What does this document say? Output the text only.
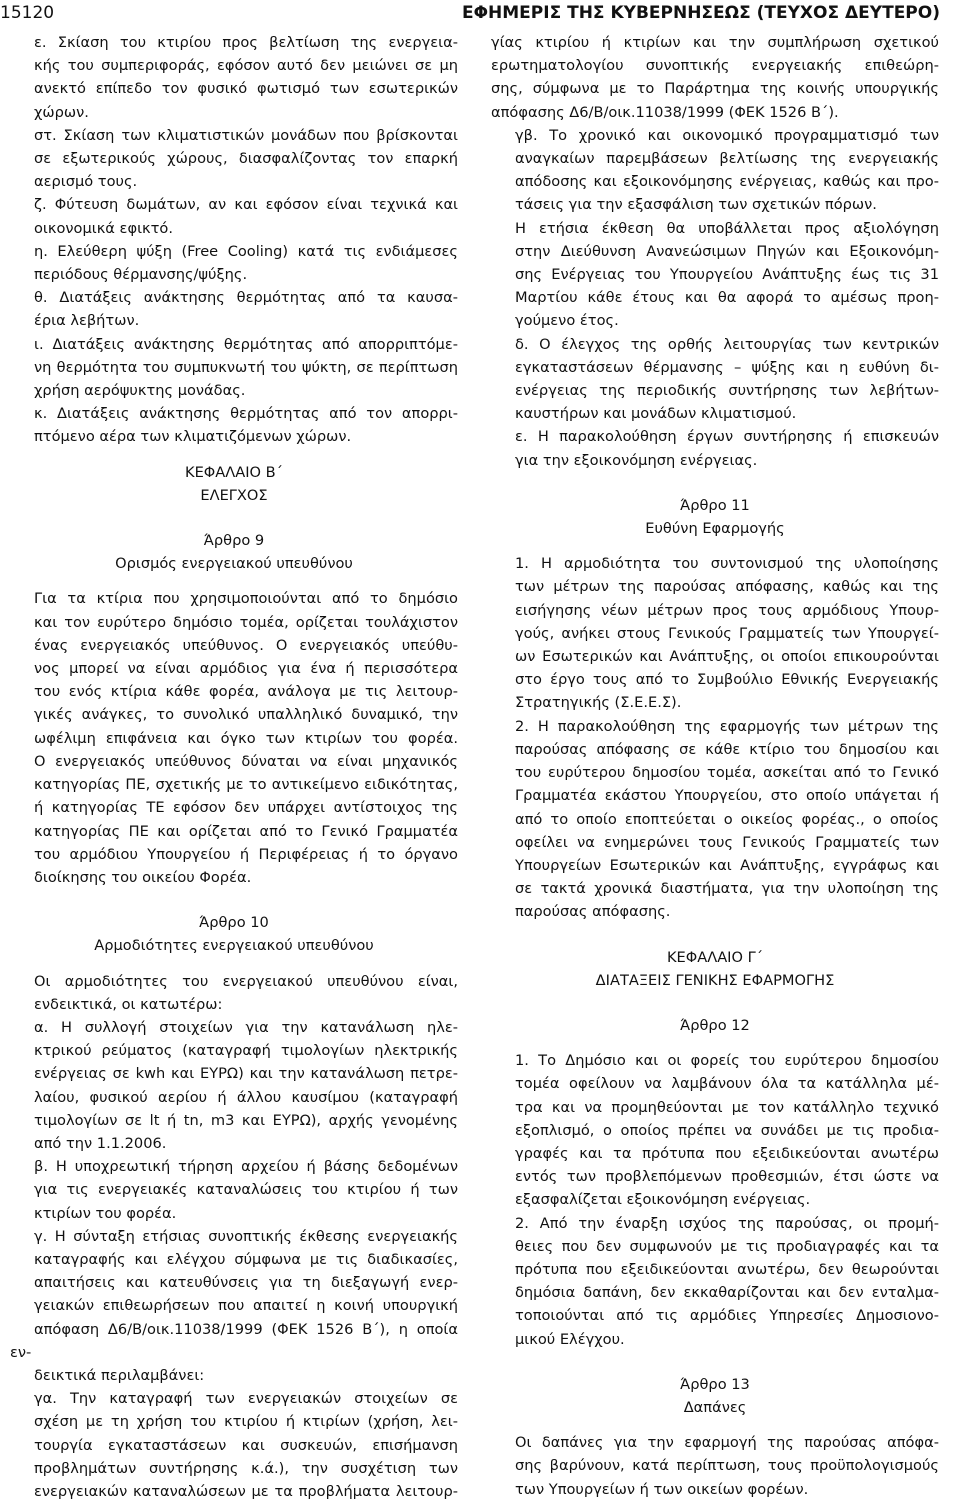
15120	ΕΦΗΜΕΡΙΣ ΤΗΣ ΚΥΒΕΡΝΗΣΕΩΣ (ΤΕΥΧΟΣ ΔΕΥΤΕΡΟ)

ε. Σκίαση του κτιρίου προς βελτίωση της ενεργεια-
κής του συμπεριφοράς, εφόσον αυτό δεν μειώνει σε μη
ανεκτό επίπεδο τον φυσικό φωτισμό των εσωτερικών
χώρων.

στ. Σκίαση των κλιματιστικών μονάδων που βρίσκονται
σε εξωτερικούς χώρους, διασφαλίζοντας τον επαρκή
αερισμό τους.

ζ. Φύτευση δωμάτων, αν και εφόσον είναι τεχνικά και
οικονομικά εφικτό.

η. Ελεύθερη ψύξη (Free Cooling) κατά τις ενδιάμεσες
περιόδους θέρμανσης/ψύξης.

θ. Διατάξεις ανάκτησης θερμότητας από τα καυσα-
έρια λεβήτων.

ι. Διατάξεις ανάκτησης θερμότητας από απορριπτόμε-
νη θερμότητα του συμπυκνωτή του ψύκτη, σε περίπτωση
χρήση αερόψυκτης μονάδας.

κ. Διατάξεις ανάκτησης θερμότητας από τον απορρι-
πτόμενο αέρα των κλιματιζόμενων χώρων.

ΚΕΦΑΛΑΙΟ Β΄

ΕΛΕΓΧΟΣ

Άρθρο 9

Ορισμός ενεργειακού υπευθύνου

Για τα κτίρια που χρησιμοποιούνται από το δημόσιο
και τον ευρύτερο δημόσιο τομέα, ορίζεται τουλάχιστον
ένας ενεργειακός υπεύθυνος. Ο ενεργειακός υπεύθυ-
νος μπορεί να είναι αρμόδιος για ένα ή περισσότερα
του ενός κτίρια κάθε φορέα, ανάλογα με τις λειτουρ-
γικές ανάγκες, το συνολικό υπαλληλικό δυναμικό, την
ωφέλιμη επιφάνεια και όγκο των κτιρίων του φορέα.
Ο ενεργειακός υπεύθυνος δύναται να είναι μηχανικός
κατηγορίας ΠΕ, σχετικής με το αντικείμενο ειδικότητας,
ή κατηγορίας ΤΕ εφόσον δεν υπάρχει αντίστοιχος της
κατηγορίας ΠΕ και ορίζεται από το Γενικό Γραμματέα
του αρμόδιου Υπουργείου ή Περιφέρειας ή το όργανο
διοίκησης του οικείου Φορέα.

Άρθρο 10

Αρμοδιότητες ενεργειακού υπευθύνου

Οι αρμοδιότητες του ενεργειακού υπευθύνου είναι,
ενδεικτικά, οι κατωτέρω:

α. Η συλλογή στοιχείων για την κατανάλωση ηλε-
κτρικού ρεύματος (καταγραφή τιμολογίων ηλεκτρικής
ενέργειας σε kwh και ΕΥΡΩ) και την κατανάλωση πετρε-
λαίου, φυσικού αερίου ή άλλου καυσίμου (καταγραφή
τιμολογίων σε lt ή tn, m3 και ΕΥΡΩ), αρχής γενομένης
από την 1.1.2006.

β. Η υποχρεωτική τήρηση αρχείου ή βάσης δεδομένων
για τις ενεργειακές καταναλώσεις του κτιρίου ή των
κτιρίων του φορέα.

γ. Η σύνταξη ετήσιας συνοπτικής έκθεσης ενεργειακής
καταγραφής και ελέγχου σύμφωνα με τις διαδικασίες,
απαιτήσεις και κατευθύνσεις για τη διεξαγωγή ενερ-
γειακών επιθεωρήσεων που απαιτεί η κοινή υπουργική
απόφαση Δ6/Β/οικ.11038/1999 (ΦΕΚ 1526 Β΄), η οποία εν-
δεικτικά περιλαμβάνει:

γα. Την καταγραφή των ενεργειακών στοιχείων σε
σχέση με τη χρήση του κτιρίου ή κτιρίων (χρήση, λει-
τουργία εγκαταστάσεων και συσκευών, επισήμανση
προβλημάτων συντήρησης κ.ά.), την συσχέτιση των
ενεργειακών καταναλώσεων με τα προβλήματα λειτουρ-

γίας κτιρίου ή κτιρίων και την συμπλήρωση σχετικού
ερωτηματολογίου συνοπτικής ενεργειακής επιθεώρη-
σης, σύμφωνα με το Παράρτημα της κοινής υπουργικής
απόφασης Δ6/Β/οικ.11038/1999 (ΦΕΚ 1526 Β΄).

γβ. Το χρονικό και οικονομικό προγραμματισμό των
αναγκαίων παρεμβάσεων βελτίωσης της ενεργειακής
απόδοσης και εξοικονόμησης ενέργειας, καθώς και προ-
τάσεις για την εξασφάλιση των σχετικών πόρων.

Η ετήσια έκθεση θα υποβάλλεται προς αξιολόγηση
στην Διεύθυνση Ανανεώσιμων Πηγών και Εξοικονόμη-
σης Ενέργειας του Υπουργείου Ανάπτυξης έως τις 31
Μαρτίου κάθε έτους και θα αφορά το αμέσως προη-
γούμενο έτος.

δ. Ο έλεγχος της ορθής λειτουργίας των κεντρικών
εγκαταστάσεων θέρμανσης – ψύξης και η ευθύνη δι-
ενέργειας της περιοδικής συντήρησης των λεβήτων-
καυστήρων και μονάδων κλιματισμού.

ε. Η παρακολούθηση έργων συντήρησης ή επισκευών
για την εξοικονόμηση ενέργειας.

Άρθρο 11

Ευθύνη Εφαρμογής

1. Η αρμοδιότητα του συντονισμού της υλοποίησης
των μέτρων της παρούσας απόφασης, καθώς και της
εισήγησης νέων μέτρων προς τους αρμόδιους Υπουρ-
γούς, ανήκει στους Γενικούς Γραμματείς των Υπουργεί-
ων Εσωτερικών και Ανάπτυξης, οι οποίοι επικουρούνται
στο έργο τους από το Συμβούλιο Εθνικής Ενεργειακής
Στρατηγικής (Σ.Ε.Ε.Σ).

2. Η παρακολούθηση της εφαρμογής των μέτρων της
παρούσας απόφασης σε κάθε κτίριο του δημοσίου και
του ευρύτερου δημοσίου τομέα, ασκείται από το Γενικό
Γραμματέα εκάστου Υπουργείου, στο οποίο υπάγεται ή
από το οποίο εποπτεύεται ο οικείος φορέας., ο οποίος
οφείλει να ενημερώνει τους Γενικούς Γραμματείς των
Υπουργείων Εσωτερικών και Ανάπτυξης, εγγράφως και
σε τακτά χρονικά διαστήματα, για την υλοποίηση της
παρούσας απόφασης.

ΚΕΦΑΛΑΙΟ Γ΄

ΔΙΑΤΑΞΕΙΣ ΓΕΝΙΚΗΣ ΕΦΑΡΜΟΓΗΣ

Άρθρο 12

1. Το Δημόσιο και οι φορείς του ευρύτερου δημοσίου
τομέα οφείλουν να λαμβάνουν όλα τα κατάλληλα μέ-
τρα και να προμηθεύονται με τον κατάλληλο τεχνικό
εξοπλισμό, ο οποίος πρέπει να συνάδει με τις προδια-
γραφές και τα πρότυπα που εξειδικεύονται ανωτέρω
εντός των προβλεπόμενων προθεσμιών, έτσι ώστε να
εξασφαλίζεται εξοικονόμηση ενέργειας.

2. Από την έναρξη ισχύος της παρούσας, οι προμή-
θειες που δεν συμφωνούν με τις προδιαγραφές και τα
πρότυπα που εξειδικεύονται ανωτέρω, δεν θεωρούνται
δημόσια δαπάνη, δεν εκκαθαρίζονται και δεν ενταλμα-
τοποιούνται από τις αρμόδιες Υπηρεσίες Δημοσιονο-
μικού Ελέγχου.

Άρθρο 13

Δαπάνες

Οι δαπάνες για την εφαρμογή της παρούσας απόφα-
σης βαρύνουν, κατά περίπτωση, τους προϋπολογισμούς
των Υπουργείων ή των οικείων φορέων.
